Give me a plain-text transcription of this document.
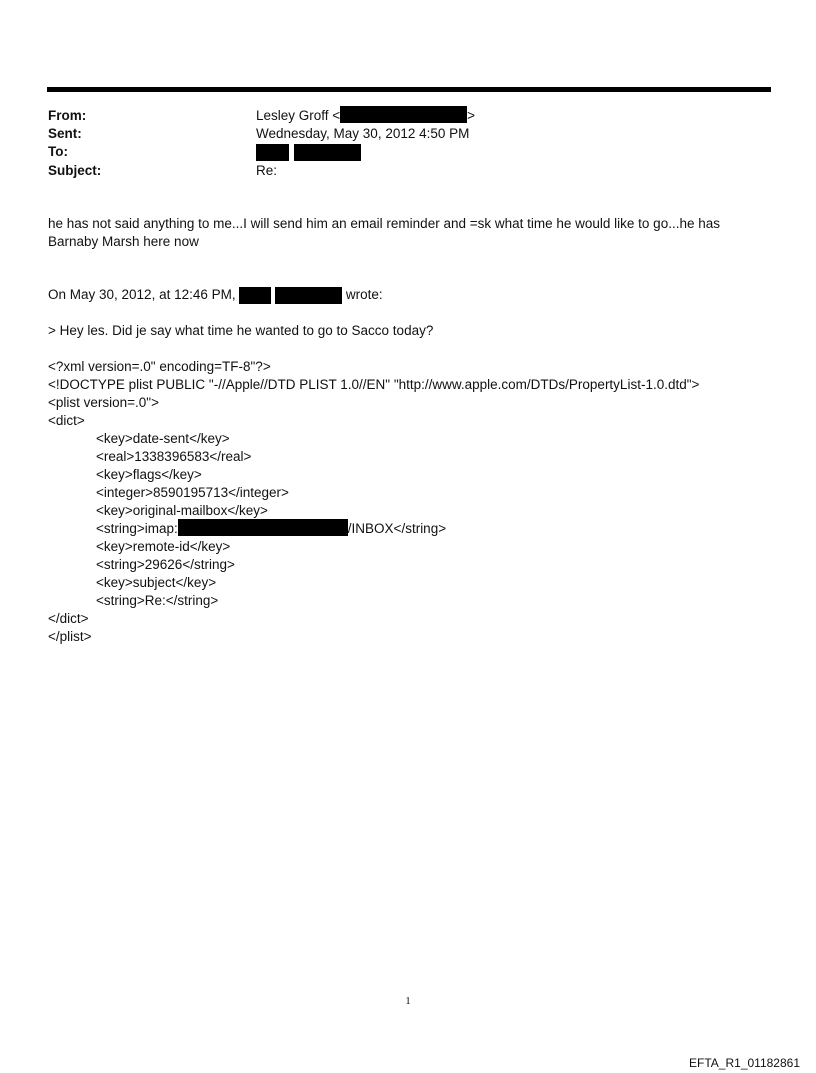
From:	Lesley Groff <	>
Sent:	Wednesday, May 30, 2012 4:50 PM
To:

Subject:	Re:
he has not said anything to me...I will send him an email reminder and =sk what time he would like to go...he has
Barnaby Marsh here now
On May 30, 2012, at 12:46 PM,	wrote:
> Hey les. Did je say what time he wanted to go to Sacco today?
<?xml version=.0" encoding=TF-8"?>
<!DOCTYPE plist PUBLIC "-//Apple//DTD PLIST 1.0//EN" "http://www.apple.com/DTDs/PropertyList-1.0.dtd">
<plist version=.0">
<dict>
<key>date-sent</key>
<real>1338396583</real>
<key>flags</key>
<integer>8590195713</integer>
<key>original-mailbox</key>
<string>imap:	/INBOX</string>
<key>remote-id</key>
<string>29626</string>
<key>subject</key>
<string>Re:</string>
</dict>
</plist>
1
EFTA_R1_01182861
